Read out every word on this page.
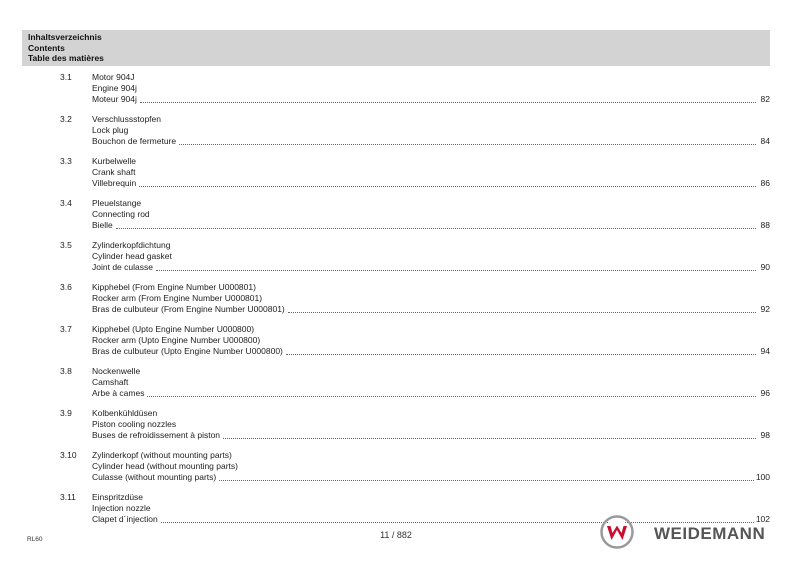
Inhaltsverzeichnis
Contents
Table des matières
3.1 Motor 904J
Engine 904j
Moteur 904j	82
3.2 Verschlussstopfen
Lock plug
Bouchon de fermeture	84
3.3 Kurbelwelle
Crank shaft
Villebrequin	86
3.4 Pleuelstange
Connecting rod
Bielle	88
3.5 Zylinderkopfdichtung
Cylinder head gasket
Joint de culasse	90
3.6 Kipphebel (From Engine Number U000801)
Rocker arm (From Engine Number U000801)
Bras de culbuteur (From Engine Number U000801)	92
3.7 Kipphebel (Upto Engine Number U000800)
Rocker arm (Upto Engine Number U000800)
Bras de culbuteur (Upto Engine Number U000800)	94
3.8 Nockenwelle
Camshaft
Arbe à cames	96
3.9 Kolbenkühldüsen
Piston cooling nozzles
Buses de refroidissement à piston	98
3.10 Zylinderkopf (without mounting parts)
Cylinder head (without mounting parts)
Culasse (without mounting parts)	100
3.11 Einspritzdüse
Injection nozzle
Clapet d´injection	102
RL60	11 / 882	WEIDEMANN
